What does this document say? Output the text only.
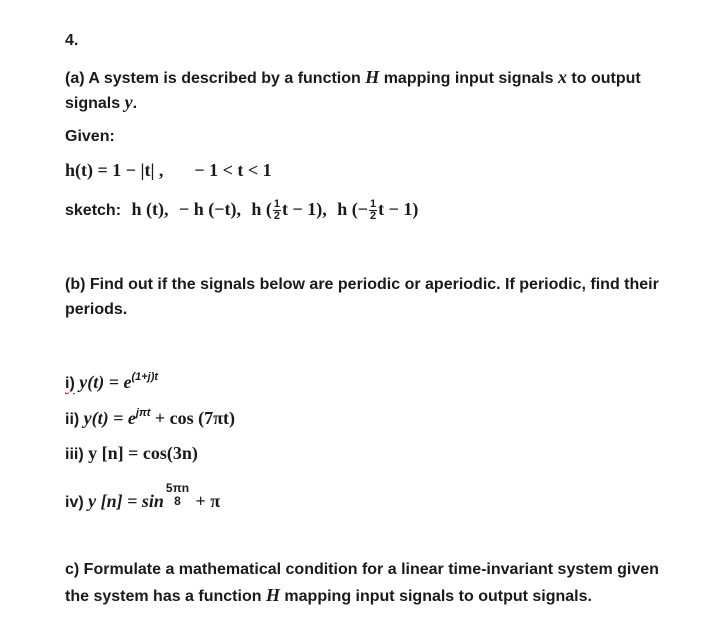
4.
(a) A system is described by a function H mapping input signals x to output
signals y.
Given:
h(t) = 1 − |t| , − 1 < t < 1
sketch: h (t), − h (−t), h ( $\frac{1}{2}$ t − 1), h (− $\frac{1}{2}$ t − 1)
(b) Find out if the signals below are periodic or aperiodic. If periodic, find their
periods.
i) $y(t) = e^{(1+j)t}$
ii) $y(t) = e^{j\pi t} + \cos (7\pi t)$
iii) y [n] = cos(3n)
iv) y [n] = sin
5πn
8 + π
c) Formulate a mathematical condition for a linear time-invariant system given
the system has a function H mapping input signals to output signals.
